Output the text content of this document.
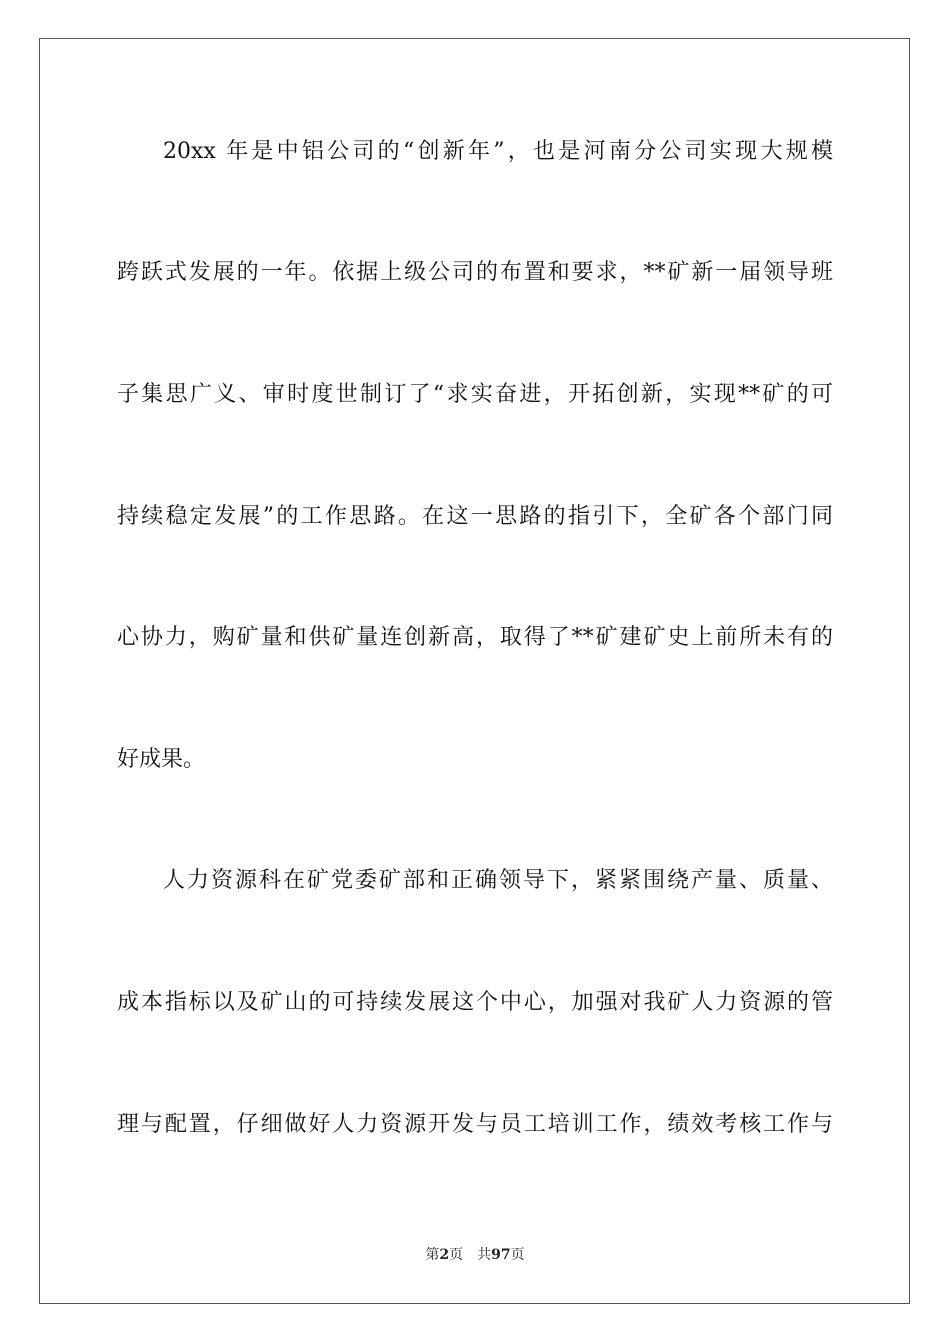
20xx 年是中铝公司的“创新年”，也是河南分公司实现大规模
跨跃式发展的一年。依据上级公司的布置和要求，**矿新一届领导班
子集思广义、审时度世制订了“求实奋进，开拓创新，实现**矿的可
持续稳定发展”的工作思路。在这一思路的指引下，全矿各个部门同
心协力，购矿量和供矿量连创新高，取得了**矿建矿史上前所未有的
好成果。
人力资源科在矿党委矿部和正确领导下，紧紧围绕产量、质量、
成本指标以及矿山的可持续发展这个中心，加强对我矿人力资源的管
理与配置，仔细做好人力资源开发与员工培训工作，绩效考核工作与
第2页 共97页
